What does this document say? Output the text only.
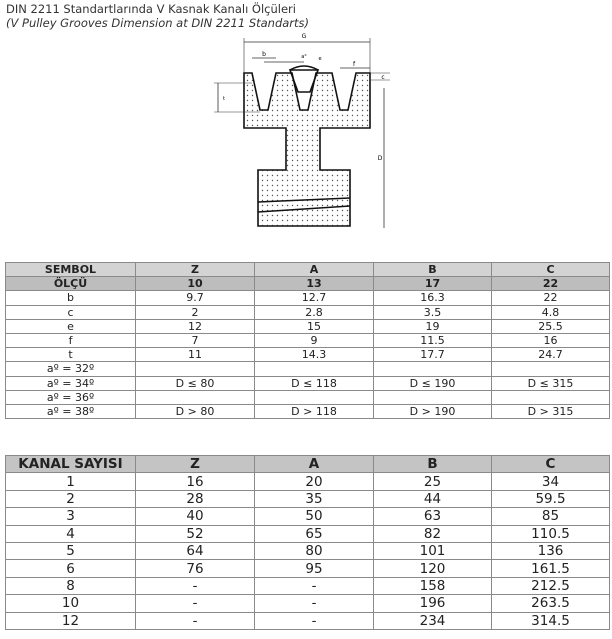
DIN 2211 Standartlarında V Kasnak Kanalı Ölçüleri
(V Pulley Grooves Dimension at DIN 2211 Standarts)
G
b
e
a°
f
c
t
D
SEMBOL	Z	A	B	C
ÖLÇÜ	10	13	17	22
b	9.7	12.7	16.3	22
c	2	2.8	3.5	4.8
e	12	15	19	25.5
f	7	9	11.5	16
t	11	14.3	17.7	24.7
aº = 32º				
aº = 34º	D ≤ 80	D ≤ 118	D ≤ 190	D ≤ 315
aº = 36º				
aº = 38º	D > 80	D > 118	D > 190	D > 315
KANAL SAYISI	Z	A	B	C
1	16	20	25	34
2	28	35	44	59.5
3	40	50	63	85
4	52	65	82	110.5
5	64	80	101	136
6	76	95	120	161.5
8	-	-	158	212.5
10	-	-	196	263.5
12	-	-	234	314.5
